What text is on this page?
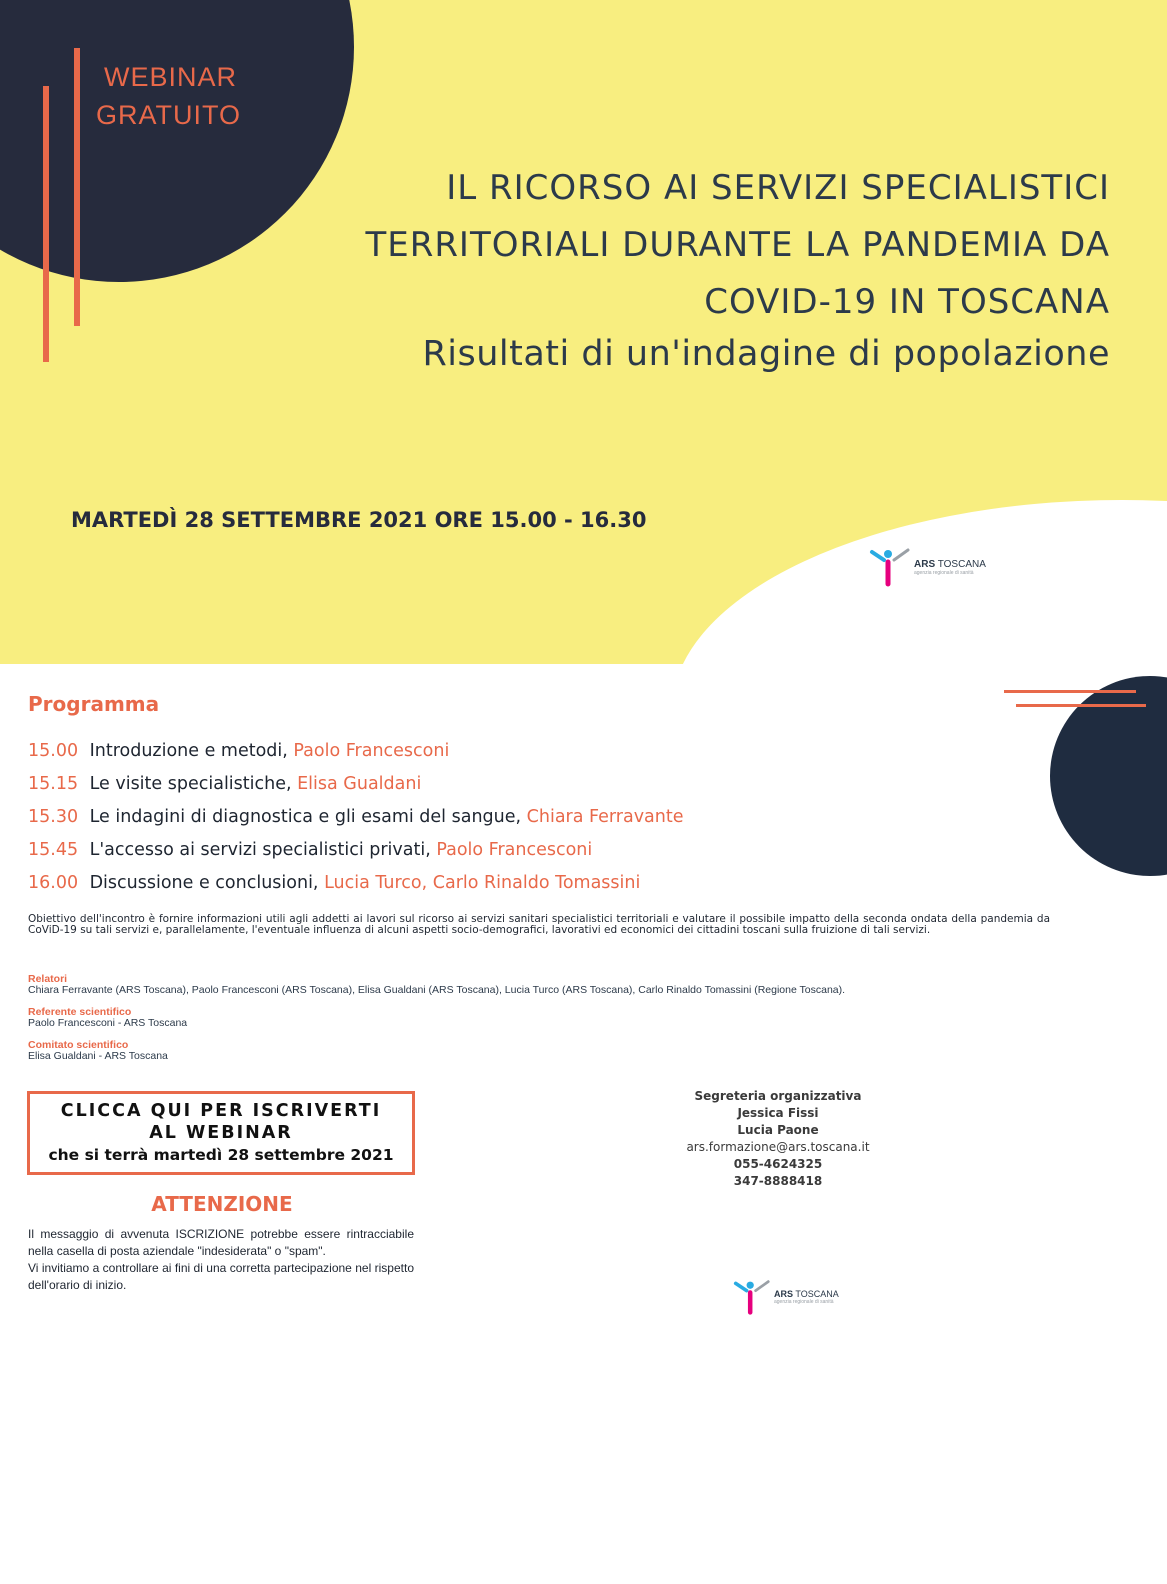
WEBINAR
GRATUITO
IL RICORSO AI SERVIZI SPECIALISTICI
TERRITORIALI DURANTE LA PANDEMIA DA
COVID-19 IN TOSCANA
Risultati di un'indagine di popolazione
MARTEDÌ 28 SETTEMBRE 2021 ORE 15.00 - 16.30
ARS TOSCANA
agenzia regionale di sanità
Programma
15.00 Introduzione e metodi, Paolo Francesconi
15.15 Le visite specialistiche, Elisa Gualdani
15.30 Le indagini di diagnostica e gli esami del sangue, Chiara Ferravante
15.45 L'accesso ai servizi specialistici privati, Paolo Francesconi
16.00 Discussione e conclusioni, Lucia Turco, Carlo Rinaldo Tomassini

Obiettivo dell'incontro è fornire informazioni utili agli addetti ai lavori sul ricorso ai servizi sanitari specialistici territoriali e valutare il possibile impatto della seconda ondata della pandemia da CoViD-19 su tali servizi e, parallelamente, l'eventuale influenza di alcuni aspetti socio-demografici, lavorativi ed economici dei cittadini toscani sulla fruizione di tali servizi.

Relatori
Chiara Ferravante (ARS Toscana), Paolo Francesconi (ARS Toscana), Elisa Gualdani (ARS Toscana), Lucia Turco (ARS Toscana), Carlo Rinaldo Tomassini (Regione Toscana).
Referente scientifico
Paolo Francesconi - ARS Toscana
Comitato scientifico
Elisa Gualdani - ARS Toscana
CLICCA QUI PER ISCRIVERTI
AL WEBINAR
che si terrà martedì 28 settembre 2021
ATTENZIONE

Il messaggio di avvenuta ISCRIZIONE potrebbe essere rintracciabile nella casella di posta aziendale "indesiderata" o "spam".

Vi invitiamo a controllare ai fini di una corretta partecipazione nel rispetto dell'orario di inizio.

Segreteria organizzativa
Jessica Fissi
Lucia Paone
ars.formazione@ars.toscana.it
055-4624325
347-8888418
ARS TOSCANA
agenzia regionale di sanità
